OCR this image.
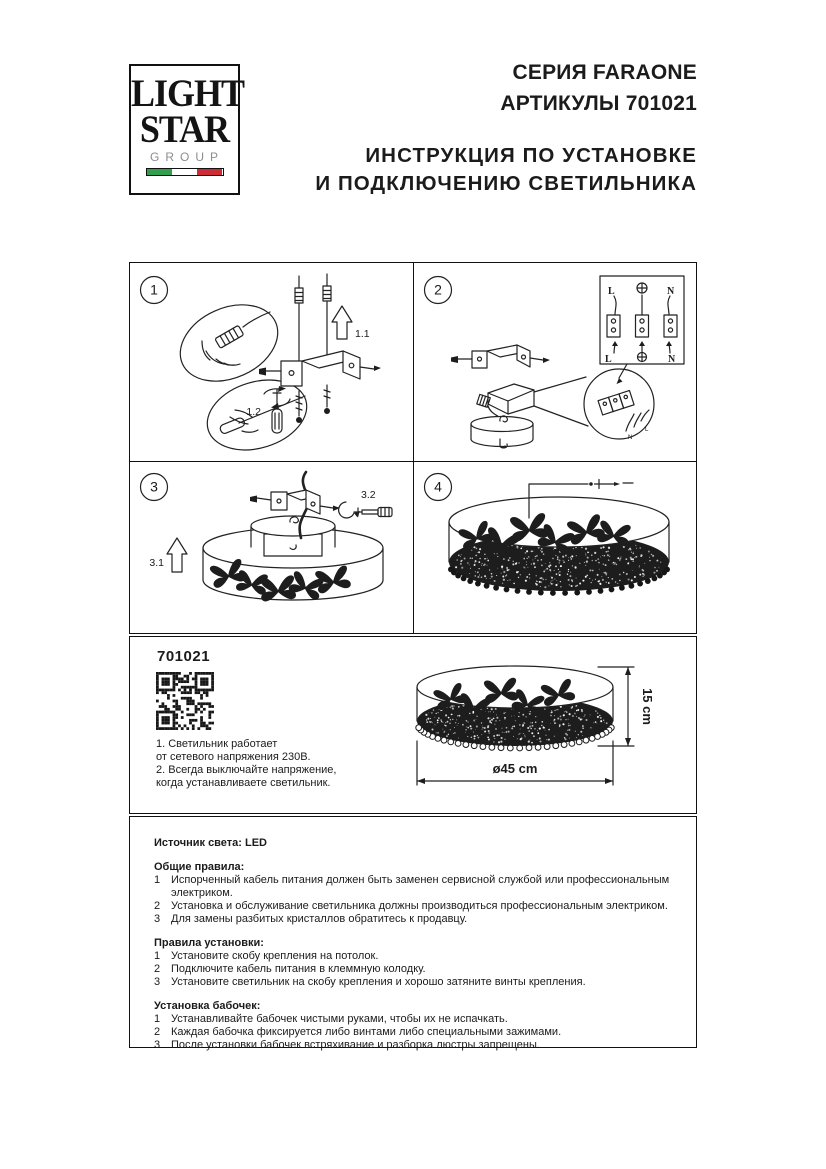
LIGHT
STAR
GROUP
СЕРИЯ FARAONE
АРТИКУЛЫ 701021
ИНСТРУКЦИЯ ПО УСТАНОВКЕ
И ПОДКЛЮЧЕНИЮ СВЕТИЛЬНИКА
1
1.1
1.2
2	L	N
L	N
N
L
3
3.1
3.2
4
701021
1. Светильник работает
от сетевого напряжения 230В.
2. Всегда выключайте напряжение,
когда устанавливаете светильник.
15 cm
ø45 cm
Источник света: LED
Общие правила:
1 Испорченный кабель питания должен быть заменен сервисной службой или профессиональным электриком.
2 Установка и обслуживание светильника должны производиться профессиональным электриком.
3 Для замены разбитых кристаллов обратитесь к продавцу.
Правила установки:
1 Установите скобу крепления на потолок.
2 Подключите кабель питания в клеммную колодку.
3 Установите светильник на скобу крепления и хорошо затяните винты крепления.
Установка бабочек:
1 Устанавливайте бабочек чистыми руками, чтобы их не испачкать.
2 Каждая бабочка фиксируется либо винтами либо специальными зажимами.
3 После установки бабочек встряхивание и разборка люстры запрещены.
